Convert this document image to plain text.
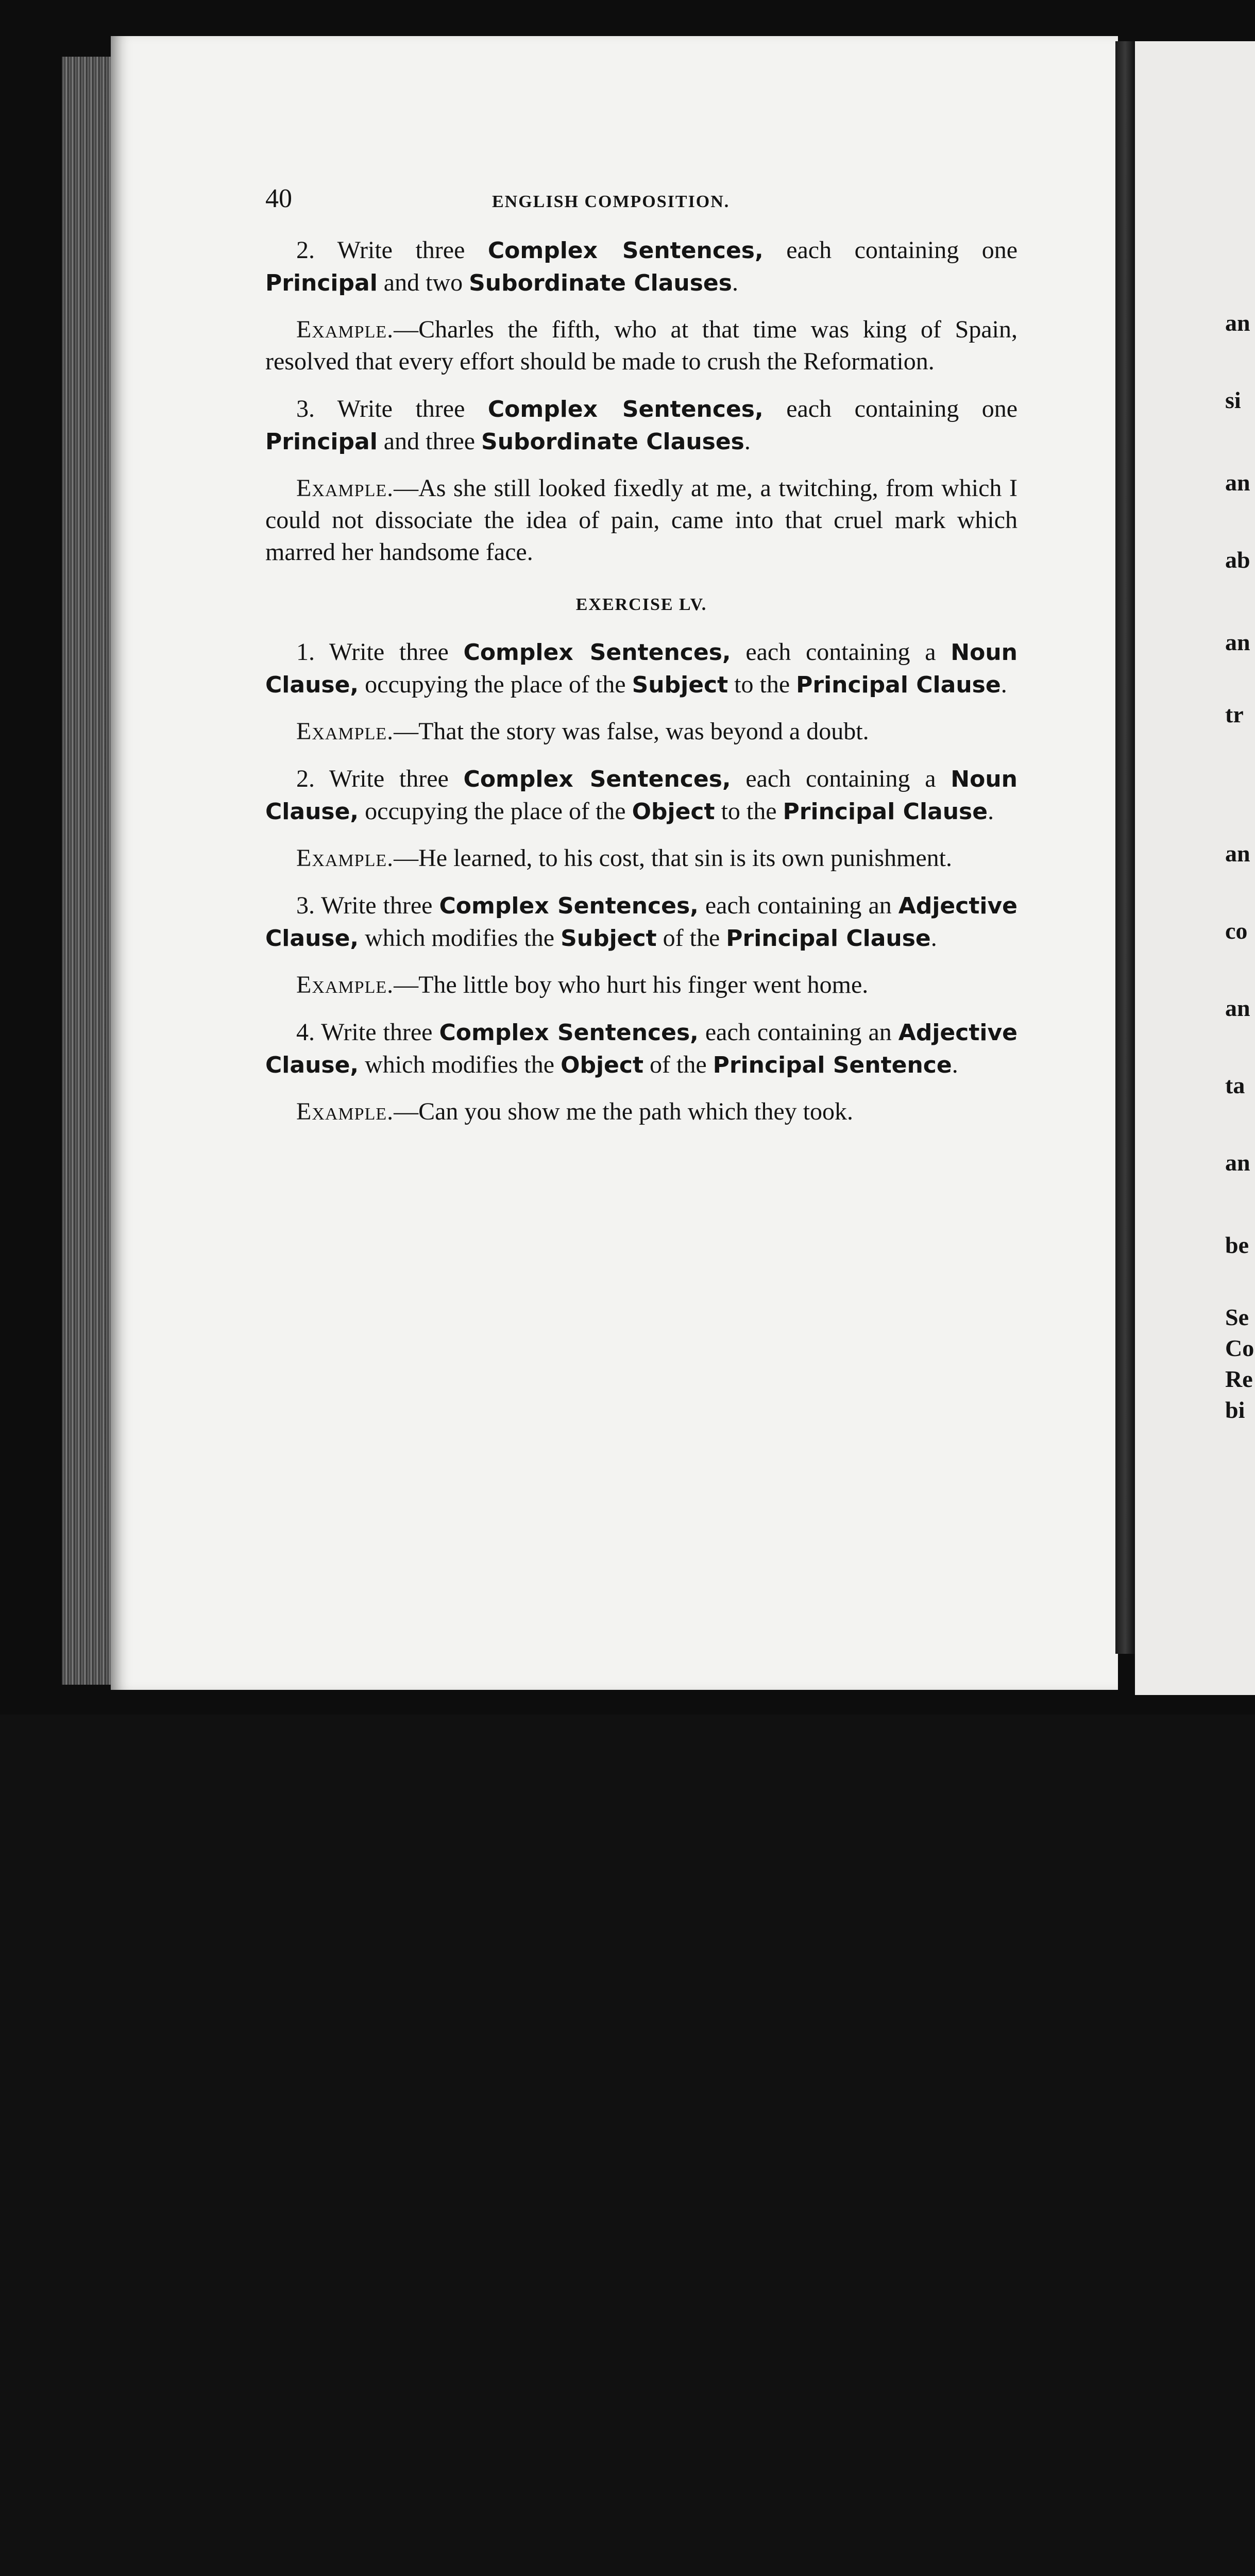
an
si
an
ab
an
tr
an
co
an
ta
an
be
Se
Co
Re
bi
40	ENGLISH COMPOSITION.

2. Write three Complex Sentences, each containing one Principal and two Subordinate Clauses.

Example.—Charles the fifth, who at that time was king of Spain, resolved that every effort should be made to crush the Reformation.

3. Write three Complex Sentences, each containing one Principal and three Subordinate Clauses.

Example.—As she still looked fixedly at me, a twitching, from which I could not dissociate the idea of pain, came into that cruel mark which marred her handsome face.

EXERCISE LV.

1. Write three Complex Sentences, each containing a Noun Clause, occupying the place of the Subject to the Principal Clause.

Example.—That the story was false, was beyond a doubt.

2. Write three Complex Sentences, each containing a Noun Clause, occupying the place of the Object to the Principal Clause.

Example.—He learned, to his cost, that sin is its own punishment.

3. Write three Complex Sentences, each containing an Adjective Clause, which modifies the Subject of the Principal Clause.

Example.—The little boy who hurt his finger went home.

4. Write three Complex Sentences, each containing an Adjective Clause, which modifies the Object of the Principal Sentence.

Example.—Can you show me the path which they took.
